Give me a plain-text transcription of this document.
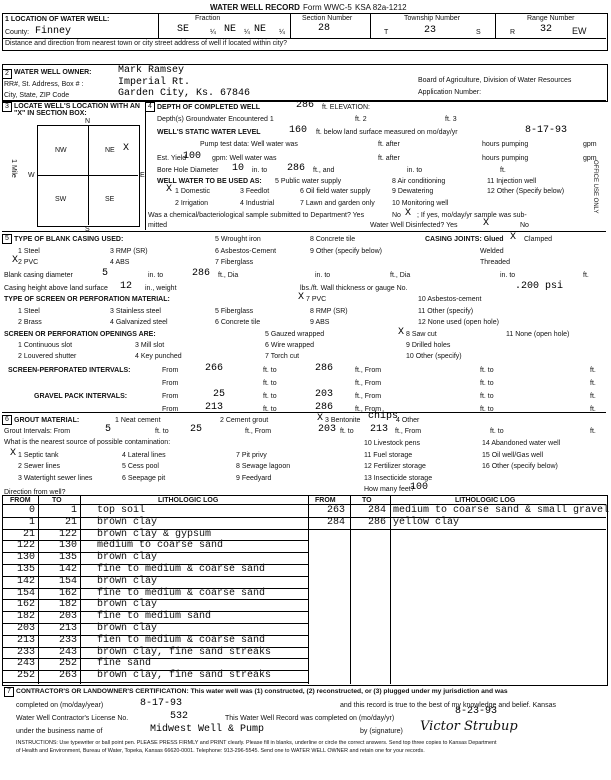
WATER WELL RECORD Form WWC-5 KSA 82a-1212
1 LOCATION OF WATER WELL:
County: Finney
Fraction
SE	¼ NE ¼ NE ¼
Section Number
28
Township Number
T	23	S
Range Number
R 32 EW
Distance and direction from nearest town or city street address of well if located within city?
2 WATER WELL OWNER:	Mark Ramsey
RR#, St. Address, Box # :	Imperial Rt.
City, State, ZIP Code	Garden City, Ks. 67846
Board of Agriculture, Division of Water Resources
Application Number:
3 LOCATE WELL'S LOCATION WITH AN "X" IN SECTION BOX:
N
S
W	E
NW	NE
SW	SE
X
1 Mile
4 DEPTH OF COMPLETED WELL	286 ft. ELEVATION:
Depth(s) Groundwater Encountered 1	ft. 2	ft. 3
WELL'S STATIC WATER LEVEL	160 ft. below land surface measured on mo/day/yr	8-17-93
Pump test data: Well water was	ft. after	hours pumping	gpm
Est. Yield
100 gpm: Well water was	ft. after	hours pumping	gpm
Bore Hole Diameter 10 in. to 286 ft., and	in. to	ft.
WELL WATER TO BE USED AS:
X 1 Domestic
2 Irrigation
3 Feedlot
4 Industrial
5 Public water supply
6 Oil field water supply
7 Lawn and garden only
8 Air conditioning
9 Dewatering
10 Monitoring well
11 Injection well
12 Other (Specify below)
Was a chemical/bacteriological sample submitted to Department? Yes	No X ; If yes, mo/day/yr sample was sub-
mitted	Water Well Disinfected? Yes	X	No
5 TYPE OF BLANK CASING USED:
1 Steel
X 2 PVC
3 RMP (SR)
4 ABS
5 Wrought iron
6 Asbestos-Cement
7 Fiberglass
8 Concrete tile
9 Other (specify below)
CASING JOINTS: Glued X Clamped
Welded
Threaded
Blank casing diameter	5	in. to	286 ft., Dia	in. to	ft., Dia	in. to	ft.
Casing height above land surface 12 in., weight	lbs./ft. Wall thickness or gauge No.	.200 psi
TYPE OF SCREEN OR PERFORATION MATERIAL:	X 7 PVC	10 Asbestos-cement
1 Steel
2 Brass
3 Stainless steel
4 Galvanized steel
5 Fiberglass
6 Concrete tile
8 RMP (SR)
9 ABS
11 Other (specify)
12 None used (open hole)
SCREEN OR PERFORATION OPENINGS ARE:	5 Gauzed wrapped	X 8 Saw cut	11 None (open hole)
1 Continuous slot
2 Louvered shutter
3 Mill slot
4 Key punched
6 Wire wrapped
7 Torch cut
9 Drilled holes
10 Other (specify)
SCREEN-PERFORATED INTERVALS:	From	266	ft. to	286	ft., From	ft. to	ft.
From	ft. to	ft., From	ft. to	ft.
GRAVEL PACK INTERVALS:	From	25	ft. to	203	ft., From	ft. to	ft.
From	213	ft. to	286	ft., From	ft. to	ft.
6 GROUT MATERIAL:	1 Neat cement	2 Cement grout	X 3 Bentonite chips
4 Other
Grout Intervals: From	5	ft. to 25	ft., From	203 ft. to 213 ft., From	ft. to	ft.
What is the nearest source of possible contamination:
X 1 Septic tank
2 Sewer lines
3 Watertight sewer lines
4 Lateral lines
5 Cess pool
6 Seepage pit
7 Pit privy
8 Sewage lagoon
9 Feedyard
10 Livestock pens
11 Fuel storage
12 Fertilizer storage
13 Insecticide storage
14 Abandoned water well
15 Oil well/Gas well
16 Other (specify below)
How many feet?
100
Direction from well?
FROM	TO	LITHOLOGIC LOG	FROM	TO	LITHOLOGIC LOG
0	1 top soil
1	21 brown clay
21	122 brown clay & gypsum
122	130 medium to coarse sand
130	135 brown clay
135	142 fine to medium & coarse sand
142	154 brown clay
154	162 fine to medium & coarse sand
162	182 brown clay
182	203 fine to medium sand
203	213 brown clay
213	233 fien to medium & coarse sand
233	243 brown clay, fine sand streaks
243	252 fine sand
252	263 brown clay, fine sand streaks
263	284 medium to coarse sand & small gravel
284	286 yellow clay
7 CONTRACTOR'S OR LANDOWNER'S CERTIFICATION: This water well was (1) constructed, (2) reconstructed, or (3) plugged under my jurisdiction and was
completed on (mo/day/year)	8-17-93	and this record is true to the best of my knowledge and belief. Kansas
Water Well Contractor's License No.	532	This Water Well Record was completed on (mo/day/yr)
8-23-93
under the business name of	Midwest Well & Pump	by (signature) Victor Strubup
INSTRUCTIONS: Use typewriter or ball point pen. PLEASE PRESS FIRMLY and PRINT clearly. Please fill in blanks, underline or circle the correct answers. Send top three copies to Kansas Department
of Health and Environment, Bureau of Water, Topeka, Kansas 66620-0001. Telephone: 913-296-5545. Send one to WATER WELL OWNER and retain one for your records.
OFFICE USE ONLY
